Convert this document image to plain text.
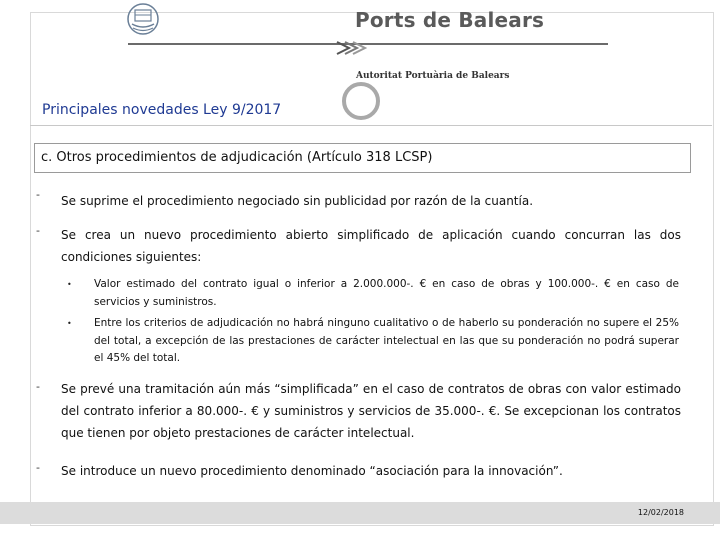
Ports de Balears
Autoritat Portuària de Balears
Principales novedades Ley 9/2017
c. Otros procedimientos de adjudicación (Artículo 318 LCSP)
‐ Se suprime el procedimiento negociado sin publicidad por razón de la cuantía.
‐ Se crea un nuevo procedimiento abierto simplificado de aplicación cuando concurran las dos condiciones siguientes:
• Valor estimado del contrato igual o inferior a 2.000.000-. € en caso de obras y 100.000-. € en caso de servicios y suministros.
• Entre los criterios de adjudicación no habrá ninguno cualitativo o de haberlo su ponderación no supere el 25% del total, a excepción de las prestaciones de carácter intelectual en las que su ponderación no podrá superar el 45% del total.
‐ Se prevé una tramitación aún más “simplificada” en el caso de contratos de obras con valor estimado del contrato inferior a 80.000-. € y suministros y servicios de 35.000-. €. Se excepcionan los contratos que tienen por objeto prestaciones de carácter intelectual.
‐ Se introduce un nuevo procedimiento denominado “asociación para la innovación”.
12/02/2018
